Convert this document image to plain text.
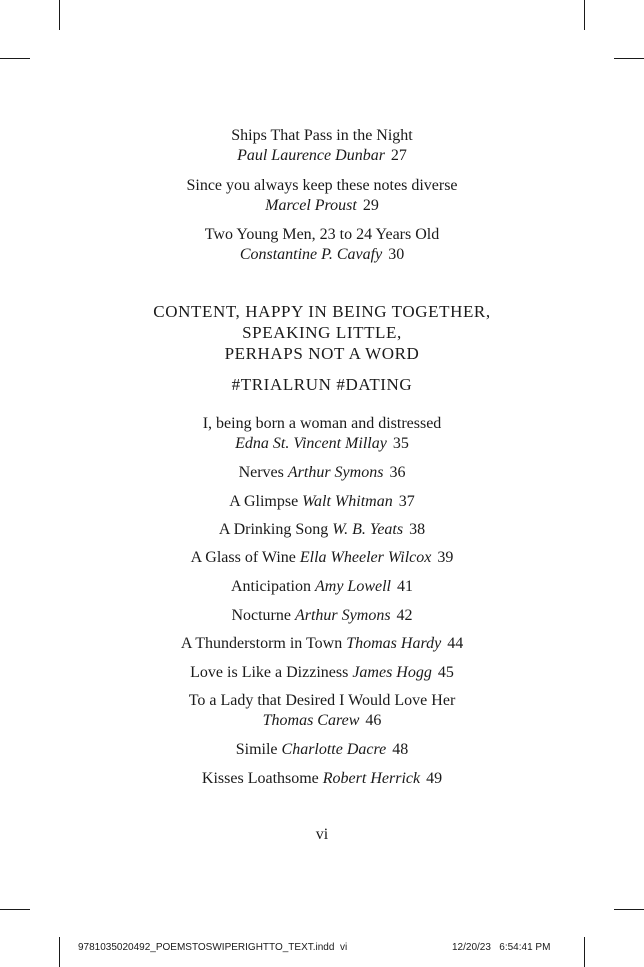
Ships That Pass in the Night
Paul Laurence Dunbar 27
Since you always keep these notes diverse
Marcel Proust 29
Two Young Men, 23 to 24 Years Old
Constantine P. Cavafy 30
CONTENT, HAPPY IN BEING TOGETHER,
SPEAKING LITTLE,
PERHAPS NOT A WORD
#TRIALRUN #DATING
I, being born a woman and distressed
Edna St. Vincent Millay 35
Nerves Arthur Symons 36
A Glimpse Walt Whitman 37
A Drinking Song W. B. Yeats 38
A Glass of Wine Ella Wheeler Wilcox 39
Anticipation Amy Lowell 41
Nocturne Arthur Symons 42
A Thunderstorm in Town Thomas Hardy 44
Love is Like a Dizziness James Hogg 45
To a Lady that Desired I Would Love Her
Thomas Carew 46
Simile Charlotte Dacre 48
Kisses Loathsome Robert Herrick 49
vi
9781035020492_POEMSTOSWIPERIGHTTO_TEXT.indd vi	12/20/23 6:54:41 PM
